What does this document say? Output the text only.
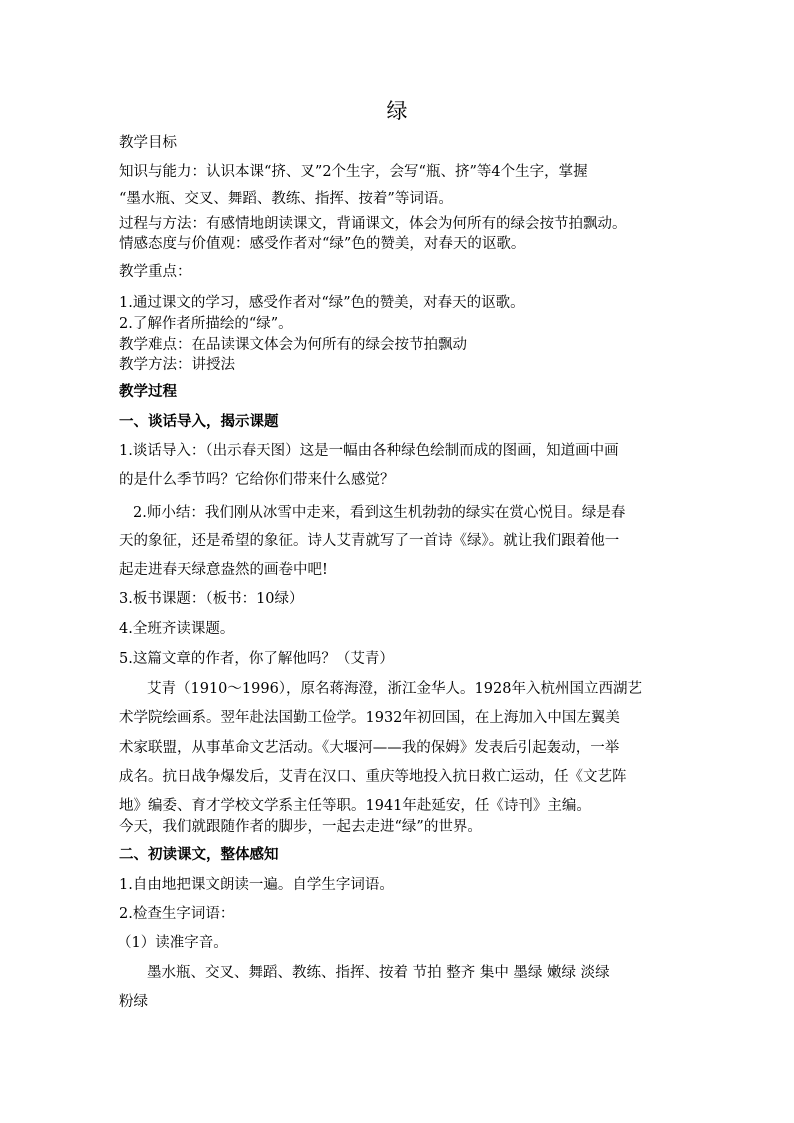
绿
教学目标
知识与能力：认识本课“挤、叉”2个生字，会写“瓶、挤”等4个生字，掌握
“墨水瓶、交叉、舞蹈、教练、指挥、按着”等词语。
过程与方法：有感情地朗读课文，背诵课文，体会为何所有的绿会按节拍飘动。
情感态度与价值观：感受作者对“绿”色的赞美，对春天的讴歌。
教学重点：
1.通过课文的学习，感受作者对“绿”色的赞美，对春天的讴歌。
2.了解作者所描绘的“绿”。
教学难点：在品读课文体会为何所有的绿会按节拍飘动
教学方法：讲授法
教学过程
一、谈话导入，揭示课题
1.谈话导入：（出示春天图）这是一幅由各种绿色绘制而成的图画，知道画中画
的是什么季节吗？它给你们带来什么感觉？
2.师小结：我们刚从冰雪中走来，看到这生机勃勃的绿实在赏心悦目。绿是春
天的象征，还是希望的象征。诗人艾青就写了一首诗《绿》。就让我们跟着他一
起走进春天绿意盎然的画卷中吧!
3.板书课题：（板书：10绿）
4.全班齐读课题。
5.这篇文章的作者，你了解他吗？（艾青）
艾青（1910～1996），原名蒋海澄，浙江金华人。1928年入杭州国立西湖艺
术学院绘画系。翌年赴法国勤工俭学。1932年初回国，在上海加入中国左翼美
术家联盟，从事革命文艺活动。《大堰河——我的保姆》发表后引起轰动，一举
成名。抗日战争爆发后，艾青在汉口、重庆等地投入抗日救亡运动，任《文艺阵
地》编委、育才学校文学系主任等职。1941年赴延安，任《诗刊》主编。
今天，我们就跟随作者的脚步，一起去走进“绿”的世界。
二、初读课文，整体感知
1.自由地把课文朗读一遍。自学生字词语。
2.检查生字词语：
（1）读准字音。
墨水瓶、交叉、舞蹈、教练、指挥、按着 节拍 整齐 集中 墨绿 嫩绿 淡绿
粉绿
